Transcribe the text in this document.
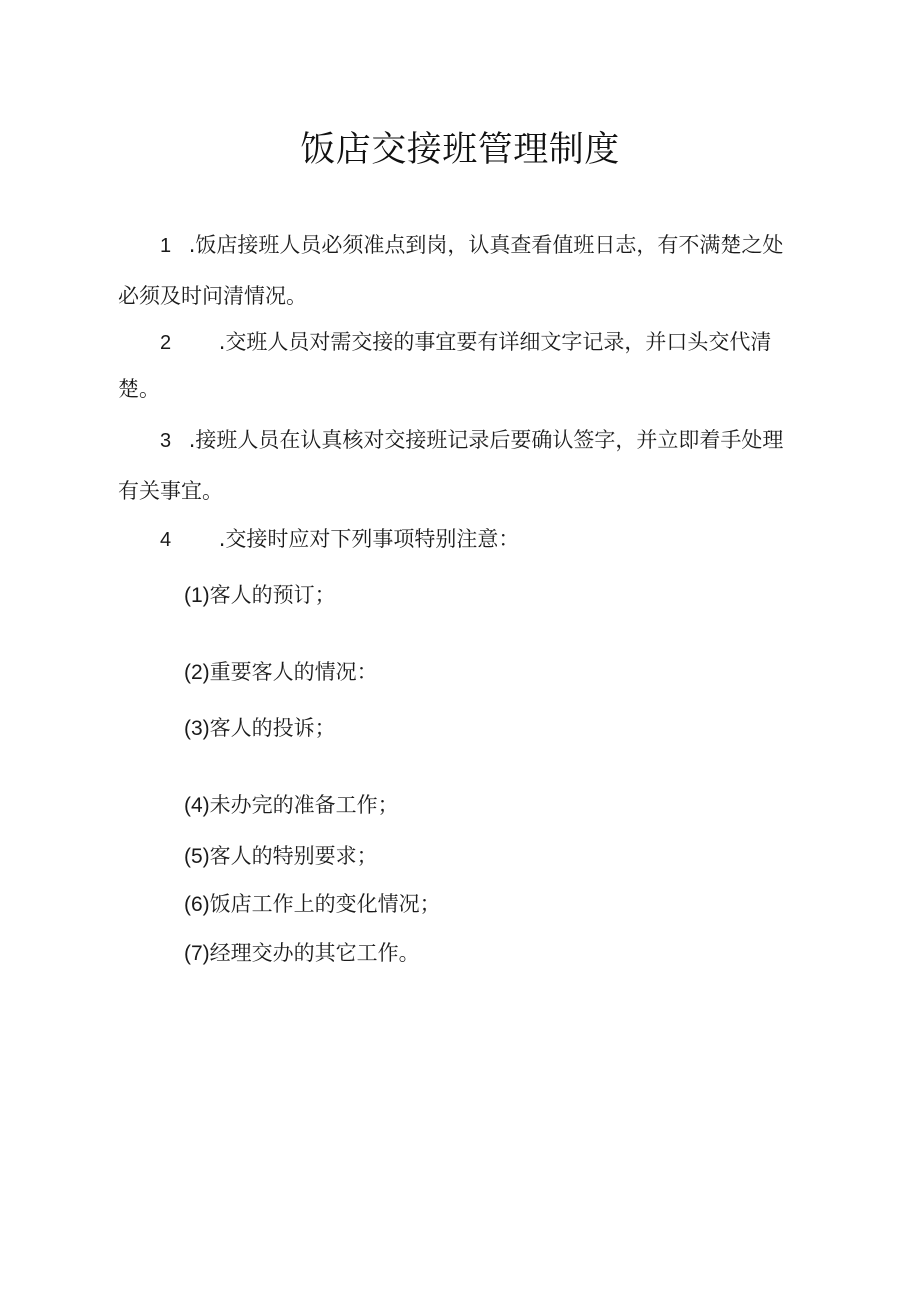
饭店交接班管理制度
1 .饭店接班人员必须准点到岗，认真查看值班日志，有不满楚之处
必须及时问清情况。
2 .交班人员对需交接的事宜要有详细文字记录，并口头交代清
楚。
3 .接班人员在认真核对交接班记录后要确认签字，并立即着手处理
有关事宜。
4 .交接时应对下列事项特别注意：
(1)客人的预订；
(2)重要客人的情况：
(3)客人的投诉；
(4)未办完的准备工作；
(5)客人的特别要求；
(6)饭店工作上的变化情况；
(7)经理交办的其它工作。
